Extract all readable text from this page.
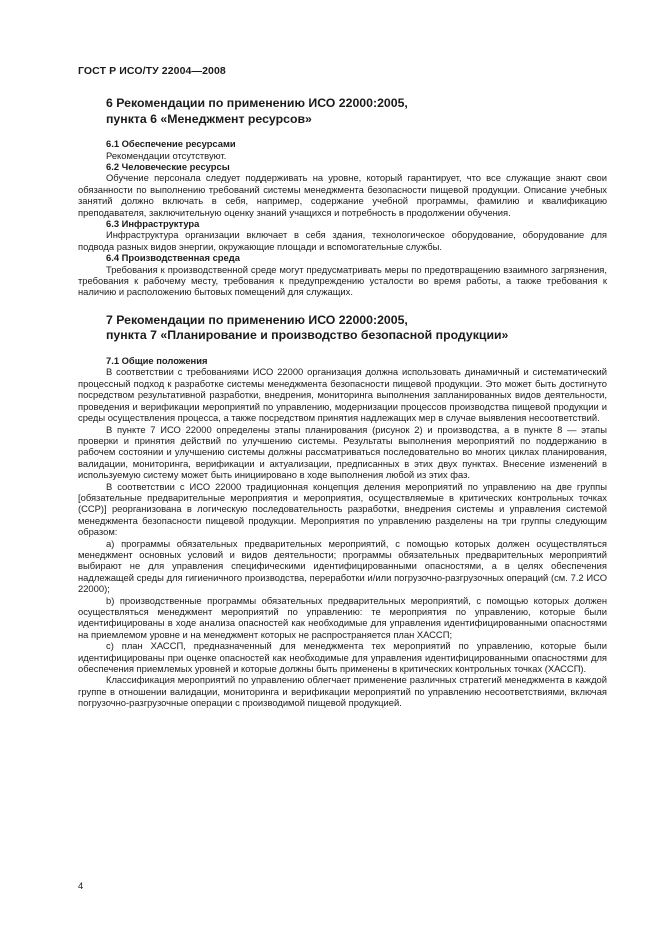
ГОСТ Р ИСО/ТУ 22004—2008
6 Рекомендации по применению ИСО 22000:2005,
пункта 6 «Менеджмент ресурсов»
6.1 Обеспечение ресурсами

Рекомендации отсутствуют.

6.2 Человеческие ресурсы

Обучение персонала следует поддерживать на уровне, который гарантирует, что все служащие знают свои обязанности по выполнению требований системы менеджмента безопасности пищевой продукции. Описание учебных занятий должно включать в себя, например, содержание учебной программы, фамилию и квалификацию преподавателя, заключительную оценку знаний учащихся и потребность в продолжении обучения.

6.3 Инфраструктура

Инфраструктура организации включает в себя здания, технологическое оборудование, оборудование для подвода разных видов энергии, окружающие площади и вспомогательные службы.

6.4 Производственная среда

Требования к производственной среде могут предусматривать меры по предотвращению взаимного загрязнения, требования к рабочему месту, требования к предупреждению усталости во время работы, а также требования к наличию и расположению бытовых помещений для служащих.

7 Рекомендации по применению ИСО 22000:2005,
пункта 7 «Планирование и производство безопасной продукции»
7.1 Общие положения

В соответствии с требованиями ИСО 22000 организация должна использовать динамичный и систематический процессный подход к разработке системы менеджмента безопасности пищевой продукции. Это может быть достигнуто посредством результативной разработки, внедрения, мониторинга выполнения запланированных видов деятельности, проведения и верификации мероприятий по управлению, модернизации процессов производства пищевой продукции и среды осуществления процесса, а также посредством принятия надлежащих мер в случае выявления несоответствий.

В пункте 7 ИСО 22000 определены этапы планирования (рисунок 2) и производства, а в пункте 8 — этапы проверки и принятия действий по улучшению системы. Результаты выполнения мероприятий по поддержанию в рабочем состоянии и улучшению системы должны рассматриваться последовательно во многих циклах планирования, валидации, мониторинга, верификации и актуализации, предписанных в этих двух пунктах. Внесение изменений в используемую систему может быть инициировано в ходе выполнения любой из этих фаз.

В соответствии с ИСО 22000 традиционная концепция деления мероприятий по управлению на две группы [обязательные предварительные мероприятия и мероприятия, осуществляемые в критических контрольных точках (ССР)] реорганизована в логическую последовательность разработки, внедрения системы и управления системой менеджмента безопасности пищевой продукции. Мероприятия по управлению разделены на три группы следующим образом:

a) программы обязательных предварительных мероприятий, с помощью которых должен осуществляться менеджмент основных условий и видов деятельности; программы обязательных предварительных мероприятий выбирают не для управления специфическими идентифицированными опасностями, а в целях обеспечения надлежащей среды для гигиеничного производства, переработки и/или погрузочно-разгрузочных операций (см. 7.2 ИСО 22000);

b) производственные программы обязательных предварительных мероприятий, с помощью которых должен осуществляться менеджмент мероприятий по управлению: те мероприятия по управлению, которые были идентифицированы в ходе анализа опасностей как необходимые для управления идентифицированными опасностями на приемлемом уровне и на менеджмент которых не распространяется план ХАССП;

c) план ХАССП, предназначенный для менеджмента тех мероприятий по управлению, которые были идентифицированы при оценке опасностей как необходимые для управления идентифицированными опасностями для обеспечения приемлемых уровней и которые должны быть применены в критических контрольных точках (ХАССП).

Классификация мероприятий по управлению облегчает применение различных стратегий менеджмента в каждой группе в отношении валидации, мониторинга и верификации мероприятий по управлению несоответствиями, включая погрузочно-разгрузочные операции с производимой пищевой продукцией.

4
